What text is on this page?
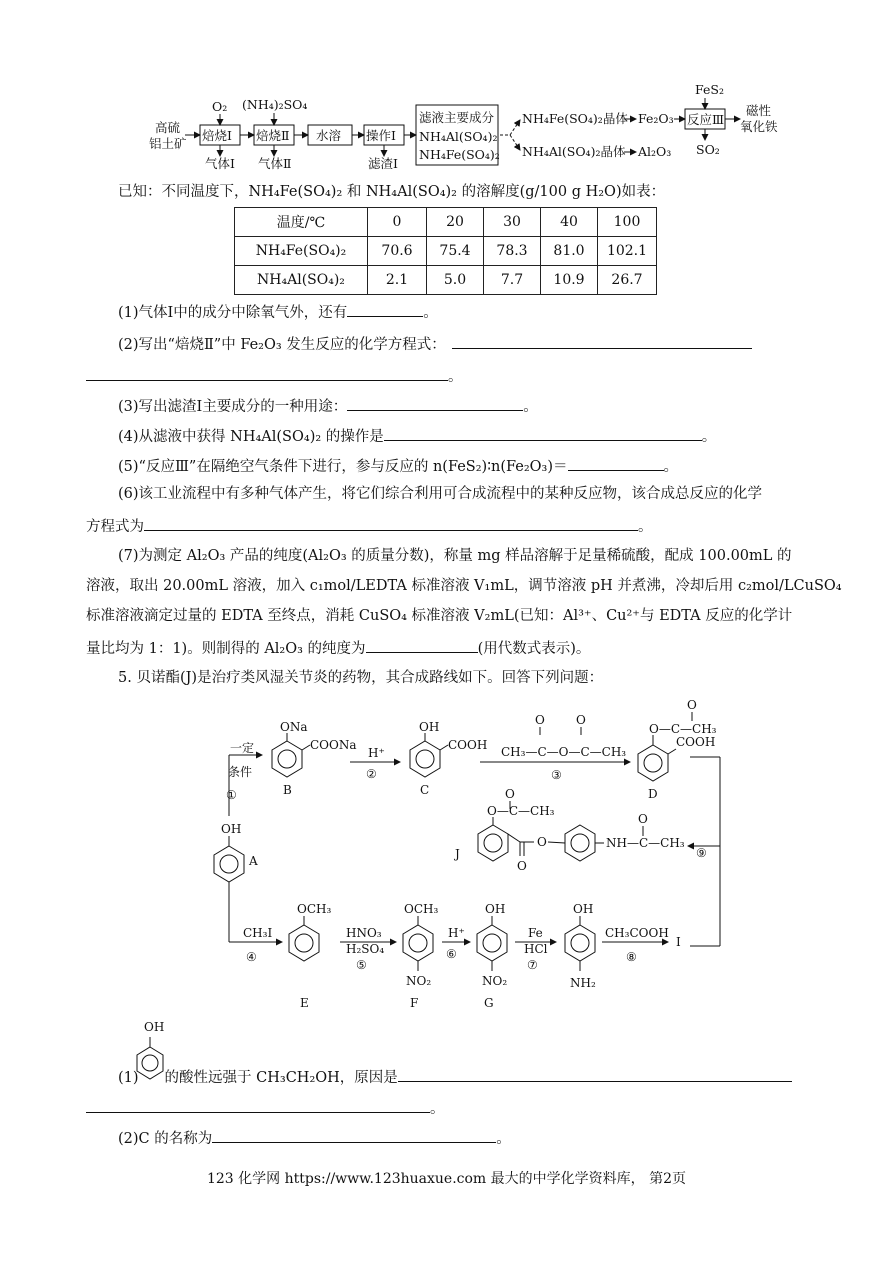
高硫
铝土矿
焙烧Ⅰ
O₂
气体Ⅰ
焙烧Ⅱ
(NH₄)₂SO₄
气体Ⅱ
水溶 操作Ⅰ
滤渣Ⅰ
滤液主要成分
NH₄Al(SO₄)₂
NH₄Fe(SO₄)₂
NH₄Fe(SO₄)₂晶体 Fe₂O₃ 反应Ⅲ
FeS₂
SO₂
磁性
氧化铁
NH₄Al(SO₄)₂晶体 Al₂O₃
已知：不同温度下，NH₄Fe(SO₄)₂ 和 NH₄Al(SO₄)₂ 的溶解度(g/100 g H₂O)如表：
温度/℃	0	20	30	40	100
NH₄Fe(SO₄)₂	70.6	75.4	78.3	81.0	102.1
NH₄Al(SO₄)₂	2.1	5.0	7.7	10.9	26.7
(1)气体Ⅰ中的成分中除氧气外，还有	。
(2)写出“焙烧Ⅱ”中 Fe₂O₃ 发生反应的化学方程式：
。
(3)写出滤渣Ⅰ主要成分的一种用途：	。
(4)从滤液中获得 NH₄Al(SO₄)₂ 的操作是	。
(5)“反应Ⅲ”在隔绝空气条件下进行，参与反应的 n(FeS₂)∶n(Fe₂O₃)＝	。
(6)该工业流程中有多种气体产生，将它们综合利用可合成流程中的某种反应物，该合成总反应的化学
方程式为	。
(7)为测定 Al₂O₃ 产品的纯度(Al₂O₃ 的质量分数)，称量 mg 样品溶解于足量稀硫酸，配成 100.00mL 的
溶液，取出 20.00mL 溶液，加入 c₁mol/LEDTA 标准溶液 V₁mL，调节溶液 pH 并煮沸，冷却后用 c₂mol/LCuSO₄
标准溶液滴定过量的 EDTA 至终点，消耗 CuSO₄ 标准溶液 V₂mL(已知：Al³⁺、Cu²⁺与 EDTA 反应的化学计
量比均为 1：1)。则制得的 Al₂O₃ 的纯度为	(用代数式表示)。
5. 贝诺酯(J)是治疗类风湿关节炎的药物，其合成路线如下。回答下列问题：
一定
条件
①
OH
A
ONa
COONa
B
H⁺
②
OH
COOH
C
O	O
CH₃—C—O—C—CH₃
③
O
O—C—CH₃
COOH
D
O
O—C—CH₃
O
O
O
NH—C—CH₃
J	⑨
CH₃I
④
OCH₃
E
HNO₃
H₂SO₄
⑤
OCH₃
NO₂
F
H⁺
⑥
OH
NO₂
G
Fe
HCl
⑦
OH
NH₂
CH₃COOH
⑧
I
OH
(1) 的酸性远强于 CH₃CH₂OH，原因是
。
(2)C 的名称为	。
123 化学网 https://www.123huaxue.com 最大的中学化学资料库， 第2页
